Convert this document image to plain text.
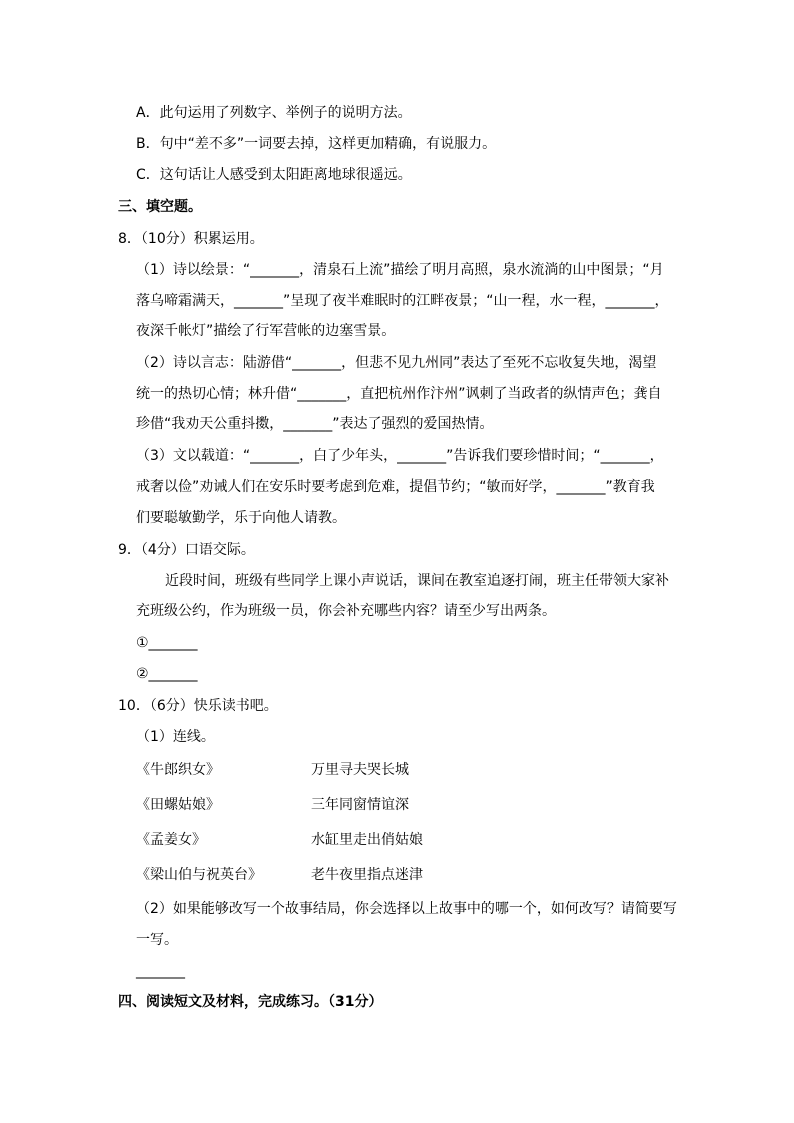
A．此句运用了列数字、举例子的说明方法。
B．句中“差不多”一词要去掉，这样更加精确，有说服力。
C．这句话让人感受到太阳距离地球很遥远。
三、填空题。
8．（10分）积累运用。
（1）诗以绘景：“_______，清泉石上流”描绘了明月高照，泉水流淌的山中图景；“月
落乌啼霜满天，_______”呈现了夜半难眠时的江畔夜景；“山一程，水一程，_______，
夜深千帐灯”描绘了行军营帐的边塞雪景。
（2）诗以言志：陆游借“_______，但悲不见九州同”表达了至死不忘收复失地，渴望
统一的热切心情；林升借“_______，直把杭州作汴州”讽刺了当政者的纵情声色；龚自
珍借“我劝天公重抖擞，_______”表达了强烈的爱国热情。
（3）文以载道：“_______，白了少年头，_______”告诉我们要珍惜时间；“_______，
戒奢以俭”劝诫人们在安乐时要考虑到危难，提倡节约；“敏而好学，_______”教育我
们要聪敏勤学，乐于向他人请教。
9．（4分）口语交际。
近段时间，班级有些同学上课小声说话，课间在教室追逐打闹，班主任带领大家补
充班级公约，作为班级一员，你会补充哪些内容？请至少写出两条。
①_______
②_______
10．（6分）快乐读书吧。
（1）连线。
《牛郎织女》	万里寻夫哭长城
《田螺姑娘》	三年同窗情谊深
《孟姜女》	水缸里走出俏姑娘
《梁山伯与祝英台》	老牛夜里指点迷津
（2）如果能够改写一个故事结局，你会选择以上故事中的哪一个，如何改写？请简要写
一写。
_______
四、阅读短文及材料，完成练习。（31分）
